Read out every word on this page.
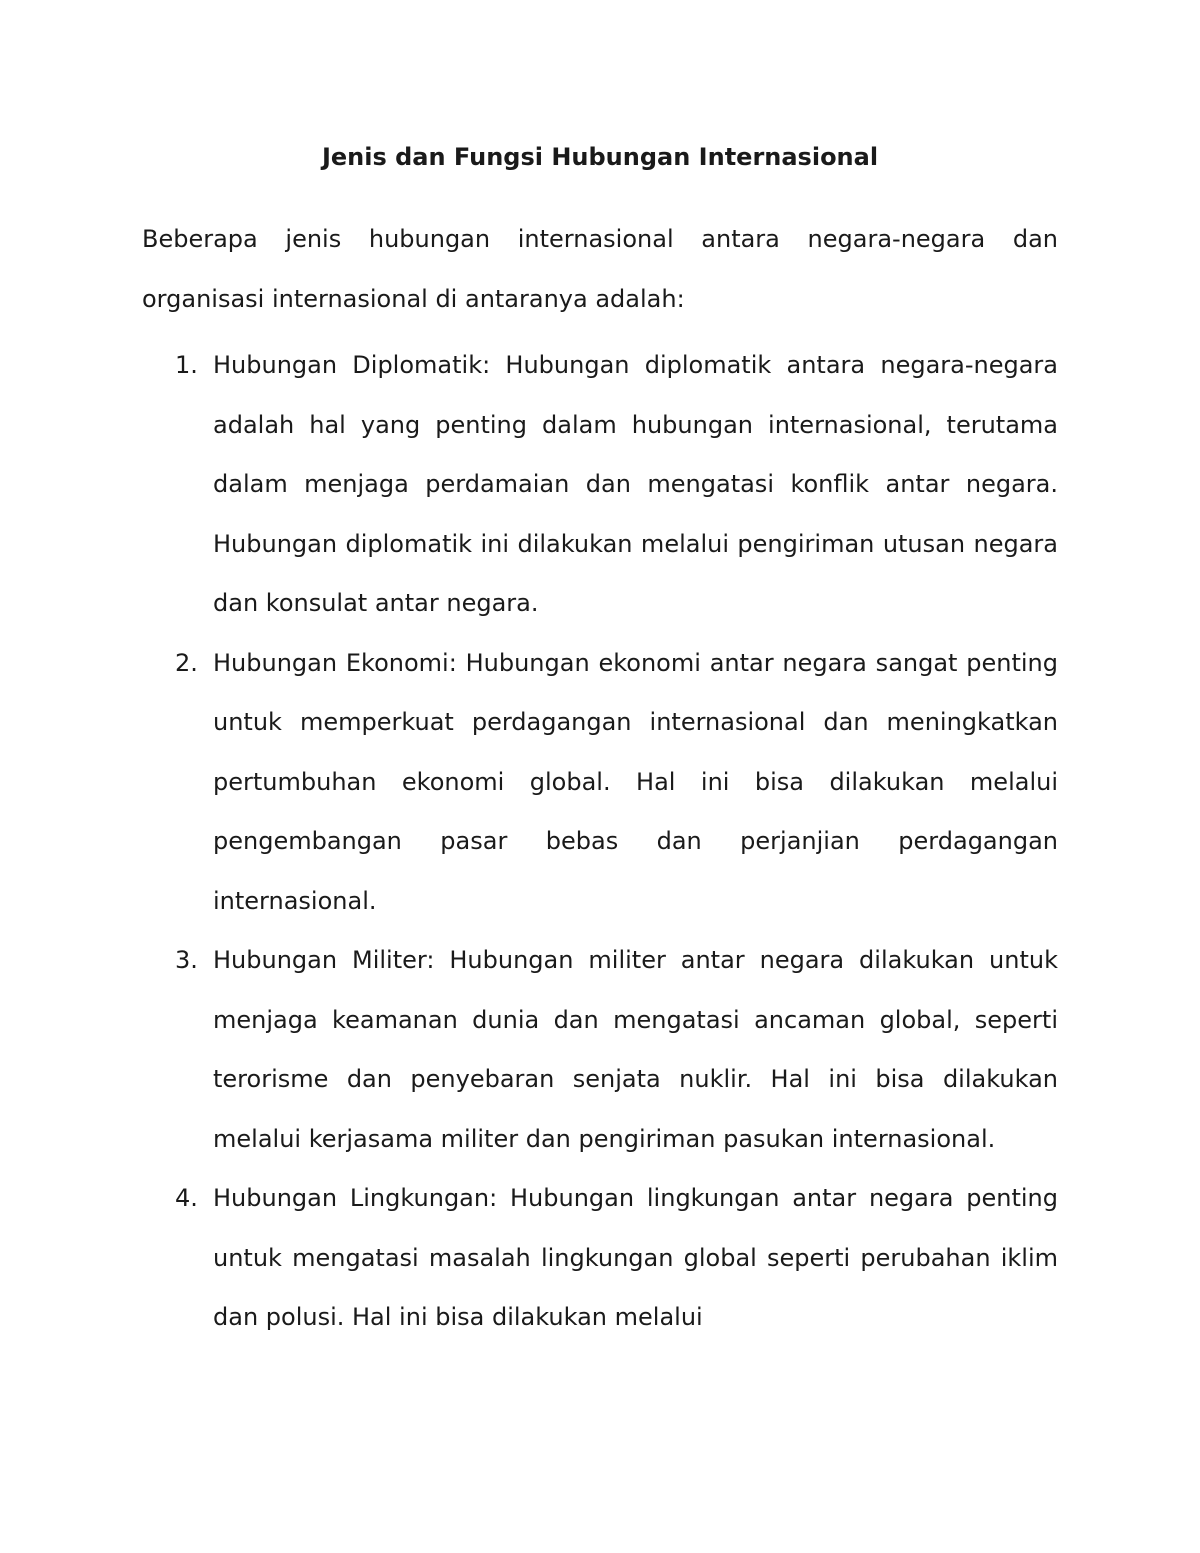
Jenis dan Fungsi Hubungan Internasional

Beberapa jenis hubungan internasional antara negara-negara dan organisasi internasional di antaranya adalah:

1. Hubungan Diplomatik: Hubungan diplomatik antara negara-negara adalah hal yang penting dalam hubungan internasional, terutama dalam menjaga perdamaian dan mengatasi konflik antar negara. Hubungan diplomatik ini dilakukan melalui pengiriman utusan negara dan konsulat antar negara.
2. Hubungan Ekonomi: Hubungan ekonomi antar negara sangat penting untuk memperkuat perdagangan internasional dan meningkatkan pertumbuhan ekonomi global. Hal ini bisa dilakukan melalui pengembangan pasar bebas dan perjanjian perdagangan internasional.
3. Hubungan Militer: Hubungan militer antar negara dilakukan untuk menjaga keamanan dunia dan mengatasi ancaman global, seperti terorisme dan penyebaran senjata nuklir. Hal ini bisa dilakukan melalui kerjasama militer dan pengiriman pasukan internasional.
4. Hubungan Lingkungan: Hubungan lingkungan antar negara penting untuk mengatasi masalah lingkungan global seperti perubahan iklim dan polusi. Hal ini bisa dilakukan melalui
